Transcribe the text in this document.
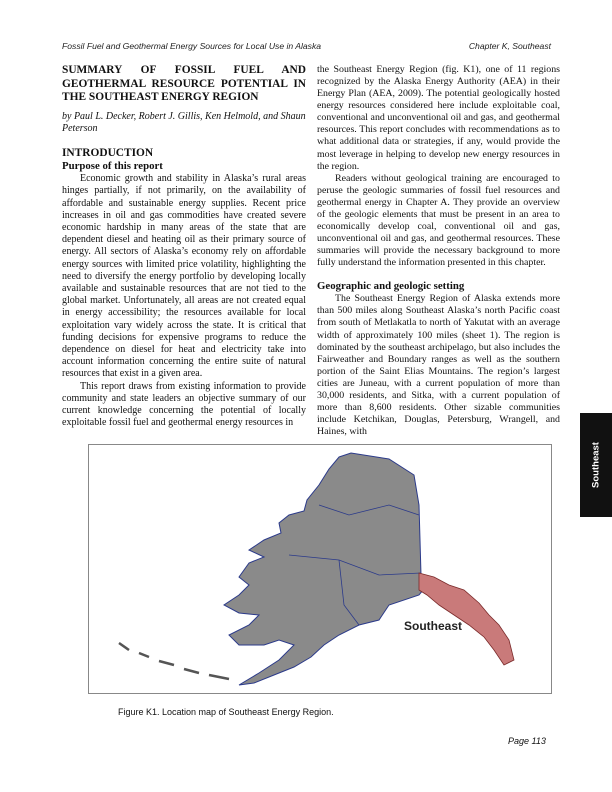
Fossil Fuel and Geothermal Energy Sources for Local Use in Alaska	Chapter K, Southeast
SUMMARY OF FOSSIL FUEL AND GEOTHERMAL RESOURCE POTENTIAL IN THE SOUTHEAST ENERGY REGION
by Paul L. Decker, Robert J. Gillis, Ken Helmold, and Shaun Peterson
INTRODUCTION
Purpose of this report

Economic growth and stability in Alaska’s rural areas hinges partially, if not primarily, on the availability of affordable and sustainable energy supplies. Recent price increases in oil and gas commodities have created severe economic hardship in many areas of the state that are dependent diesel and heating oil as their primary source of energy. All sectors of Alaska’s economy rely on affordable energy sources with limited price volatility, highlighting the need to diversify the energy portfolio by developing locally available and sustainable resources that are not tied to the global market. Unfortunately, all areas are not created equal in energy accessibility; the resources available for local exploitation vary widely across the state. It is critical that funding decisions for expensive programs to reduce the dependence on diesel for heat and electricity take into account information concerning the entire suite of natural resources that exist in a given area.

This report draws from existing information to provide community and state leaders an objective summary of our current knowledge concerning the potential of locally exploitable fossil fuel and geothermal energy resources in

the Southeast Energy Region (fig. K1), one of 11 regions recognized by the Alaska Energy Authority (AEA) in their Energy Plan (AEA, 2009). The potential geologically hosted energy resources considered here include exploitable coal, conventional and unconventional oil and gas, and geothermal resources. This report concludes with recommendations as to what additional data or strategies, if any, would provide the most leverage in helping to develop new energy resources in the region.

Readers without geological training are encouraged to peruse the geologic summaries of fossil fuel resources and geothermal energy in Chapter A. They provide an overview of the geologic elements that must be present in an area to economically develop coal, conventional oil and gas, unconventional oil and gas, and geothermal resources. These summaries will provide the necessary background to more fully understand the information presented in this chapter.

Geographic and geologic setting

The Southeast Energy Region of Alaska extends more than 500 miles along Southeast Alaska’s north Pacific coast from south of Metlakatla to north of Yakutat with an average width of approximately 100 miles (sheet 1). The region is dominated by the southeast archipelago, but also includes the Fairweather and Boundary ranges as well as the southern portion of the Saint Elias Mountains. The region’s largest cities are Juneau, with a current population of more than 30,000 residents, and Sitka, with a current population of more than 8,600 residents. Other sizable communities include Ketchikan, Douglas, Petersburg, Wrangell, and Haines, with

Southeast
Figure K1. Location map of Southeast Energy Region.
Southeast
Page 113
